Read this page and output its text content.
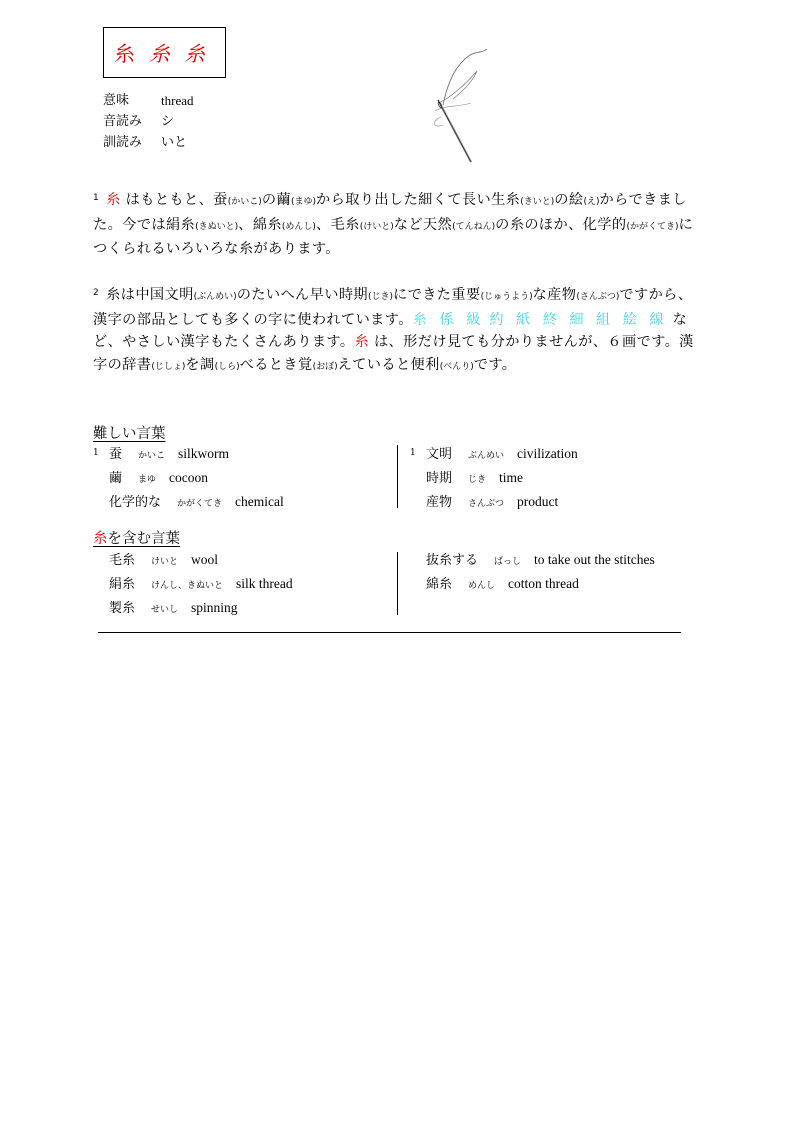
糸 糸 糸
意味	thread
音読み	シ
訓読み	いと
$^1$ 糸 はもともと、蚕(かいこ)の繭(まゆ)から取り出した細くて長い生糸(きいと)の絵(え)からできました。今では絹糸(きぬいと)、綿糸(めんし)、毛糸(けいと)など天然(てんねん)の糸のほか、化学的(かがくてき)につくられるいろいろな糸があります。
$^2$ 糸は中国文明(ぶんめい)のたいへん早い時期(じき)にできた重要(じゅうよう)な産物(さんぶつ)ですから、漢字の部品としても多くの字に使われています。糸 係 級 約 紙 終 細 組 絵 線 など、やさしい漢字もたくさんあります。糸 は、形だけ見ても分かりませんが、６画です。漢字の辞書(じしょ)を調(しら)べるとき覚(おぼ)えていると便利(べんり)です。
難しい言葉
1 蚕 かいこ silkworm
繭 まゆ cocoon
化学的な かがくてき chemical
1 文明 ぶんめい civilization
時期 じき time
産物 さんぶつ product
糸を含む言葉
毛糸 けいと wool
絹糸 けんし、きぬいと silk thread
製糸 せいし spinning
抜糸する ばっし to take out the stitches
綿糸 めんし cotton thread
